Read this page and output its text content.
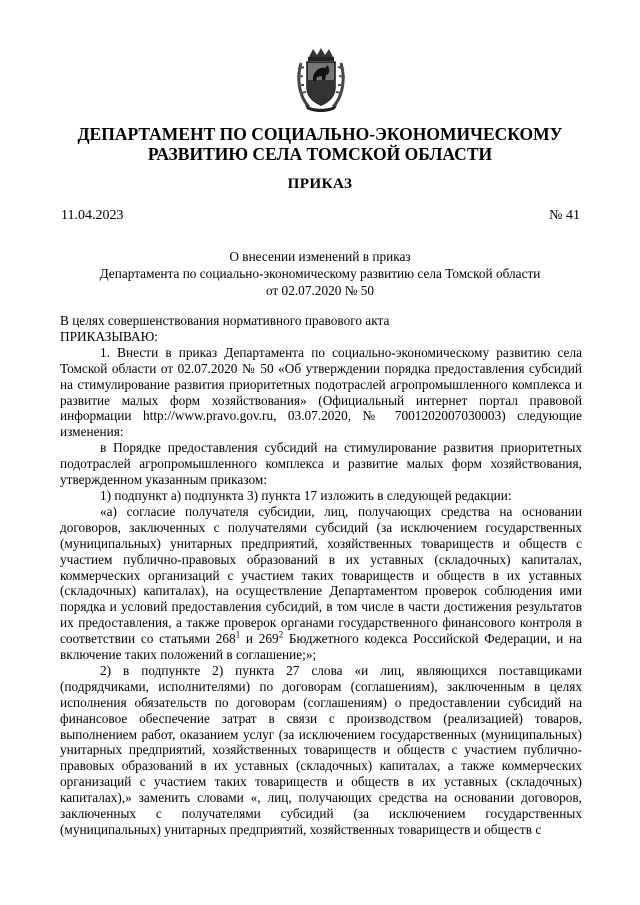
ДЕПАРТАМЕНТ ПО СОЦИАЛЬНО-ЭКОНОМИЧЕСКОМУ
РАЗВИТИЮ СЕЛА ТОМСКОЙ ОБЛАСТИ
ПРИКАЗ
11.04.2023	№ 41
О внесении изменений в приказ
Департамента по социально-экономическому развитию села Томской области
от 02.07.2020 № 50

В целях совершенствования нормативного правового акта

ПРИКАЗЫВАЮ:

1. Внести в приказ Департамента по социально-экономическому развитию села Томской области от 02.07.2020 № 50 «Об утверждении порядка предоставления субсидий на стимулирование развития приоритетных подотраслей агропромышленного комплекса и развитие малых форм хозяйствования» (Официальный интернет портал правовой информации http://www.pravo.gov.ru, 03.07.2020, № 7001202007030003) следующие изменения:

в Порядке предоставления субсидий на стимулирование развития приоритетных подотраслей агропромышленного комплекса и развитие малых форм хозяйствования, утвержденном указанным приказом:

1) подпункт а) подпункта 3) пункта 17 изложить в следующей редакции:

«а) согласие получателя субсидии, лиц, получающих средства на основании договоров, заключенных с получателями субсидий (за исключением государственных (муниципальных) унитарных предприятий, хозяйственных товариществ и обществ с участием публично-правовых образований в их уставных (складочных) капиталах, коммерческих организаций с участием таких товариществ и обществ в их уставных (складочных) капиталах), на осуществление Департаментом проверок соблюдения ими порядка и условий предоставления субсидий, в том числе в части достижения результатов их предоставления, а также проверок органами государственного финансового контроля в соответствии со статьями $268^1$ и $269^2$ Бюджетного кодекса Российской Федерации, и на включение таких положений в соглашение;»;

2) в подпункте 2) пункта 27 слова «и лиц, являющихся поставщиками (подрядчиками, исполнителями) по договорам (соглашениям), заключенным в целях исполнения обязательств по договорам (соглашениям) о предоставлении субсидий на финансовое обеспечение затрат в связи с производством (реализацией) товаров, выполнением работ, оказанием услуг (за исключением государственных (муниципальных) унитарных предприятий, хозяйственных товариществ и обществ с участием публично-правовых образований в их уставных (складочных) капиталах, а также коммерческих организаций с участием таких товариществ и обществ в их уставных (складочных) капиталах),» заменить словами «, лиц, получающих средства на основании договоров, заключенных с получателями субсидий (за исключением государственных (муниципальных) унитарных предприятий, хозяйственных товариществ и обществ с
